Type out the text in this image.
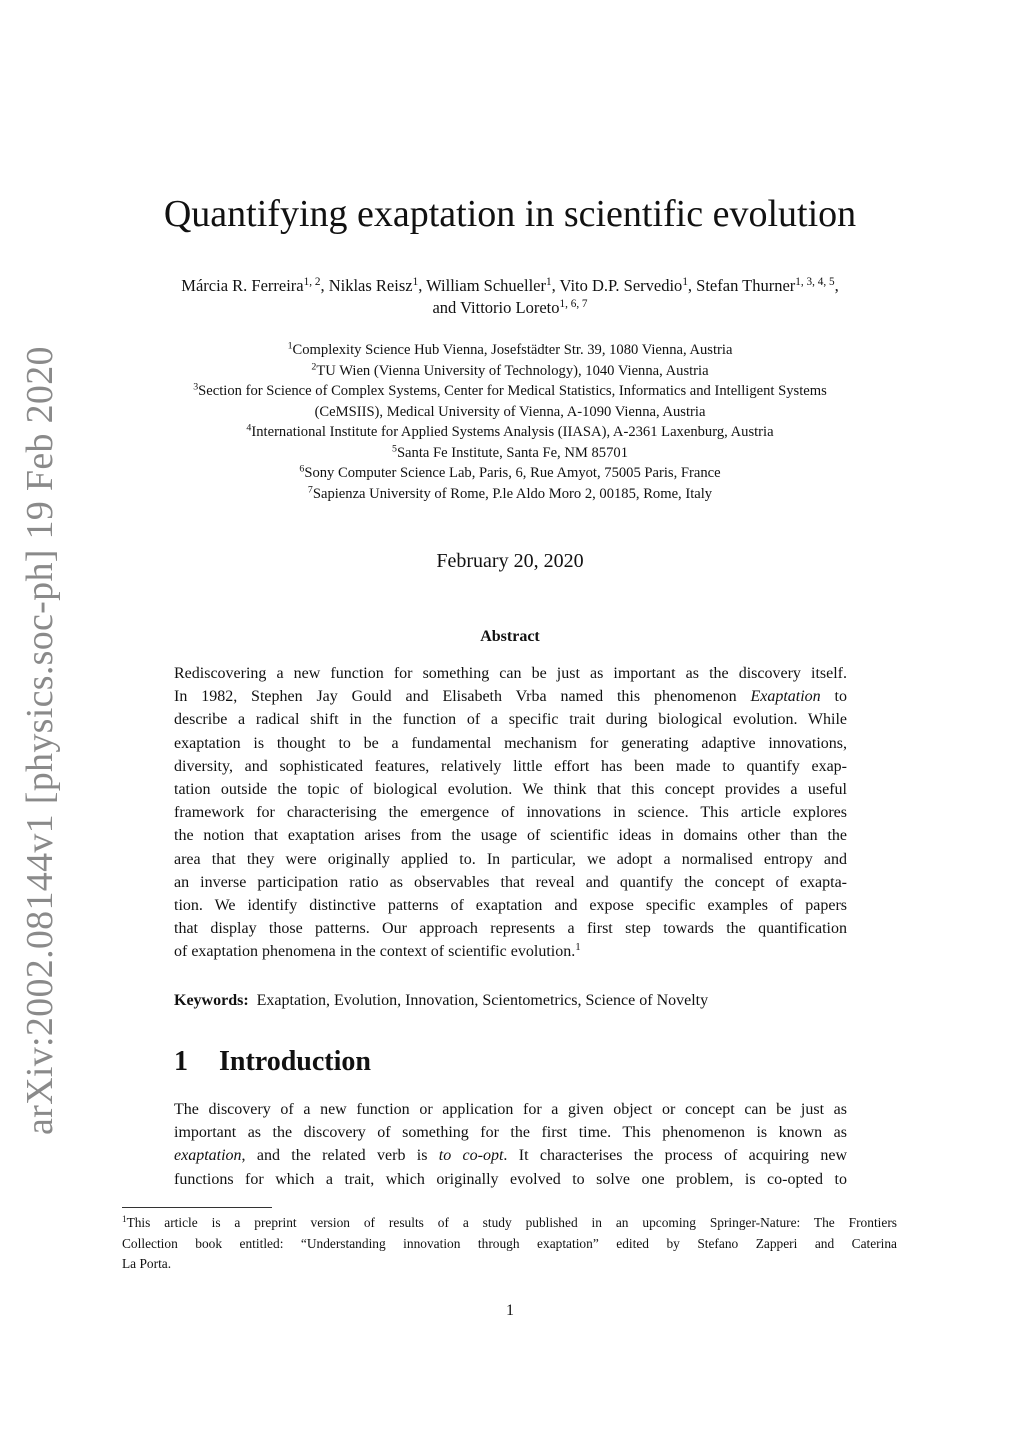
arXiv:2002.08144v1 [physics.soc-ph] 19 Feb 2020
Quantifying exaptation in scientific evolution
Márcia R. Ferreira$^{1, 2}$, Niklas Reisz$^1$, William Schueller$^1$, Vito D.P. Servedio$^1$, Stefan Thurner$^{1, 3, 4, 5}$,
and Vittorio Loreto$^{1, 6, 7}$
$^1$Complexity Science Hub Vienna, Josefstädter Str. 39, 1080 Vienna, Austria
$^2$TU Wien (Vienna University of Technology), 1040 Vienna, Austria
$^3$Section for Science of Complex Systems, Center for Medical Statistics, Informatics and Intelligent Systems
(CeMSIIS), Medical University of Vienna, A-1090 Vienna, Austria
$^4$International Institute for Applied Systems Analysis (IIASA), A-2361 Laxenburg, Austria
$^5$Santa Fe Institute, Santa Fe, NM 85701
$^6$Sony Computer Science Lab, Paris, 6, Rue Amyot, 75005 Paris, France
$^7$Sapienza University of Rome, P.le Aldo Moro 2, 00185, Rome, Italy
February 20, 2020
Abstract
Rediscovering a new function for something can be just as important as the discovery itself.
In 1982, Stephen Jay Gould and Elisabeth Vrba named this phenomenon Exaptation to
describe a radical shift in the function of a specific trait during biological evolution. While
exaptation is thought to be a fundamental mechanism for generating adaptive innovations,
diversity, and sophisticated features, relatively little effort has been made to quantify exap-
tation outside the topic of biological evolution. We think that this concept provides a useful
framework for characterising the emergence of innovations in science. This article explores
the notion that exaptation arises from the usage of scientific ideas in domains other than the
area that they were originally applied to. In particular, we adopt a normalised entropy and
an inverse participation ratio as observables that reveal and quantify the concept of exapta-
tion. We identify distinctive patterns of exaptation and expose specific examples of papers
that display those patterns. Our approach represents a first step towards the quantification
of exaptation phenomena in the context of scientific evolution.$^1$
Keywords: Exaptation, Evolution, Innovation, Scientometrics, Science of Novelty
1 Introduction
The discovery of a new function or application for a given object or concept can be just as
important as the discovery of something for the first time. This phenomenon is known as
exaptation, and the related verb is to co-opt. It characterises the process of acquiring new
functions for which a trait, which originally evolved to solve one problem, is co-opted to
$^1$This article is a preprint version of results of a study published in an upcoming Springer-Nature: The Frontiers
Collection book entitled: “Understanding innovation through exaptation” edited by Stefano Zapperi and Caterina
La Porta.
1
